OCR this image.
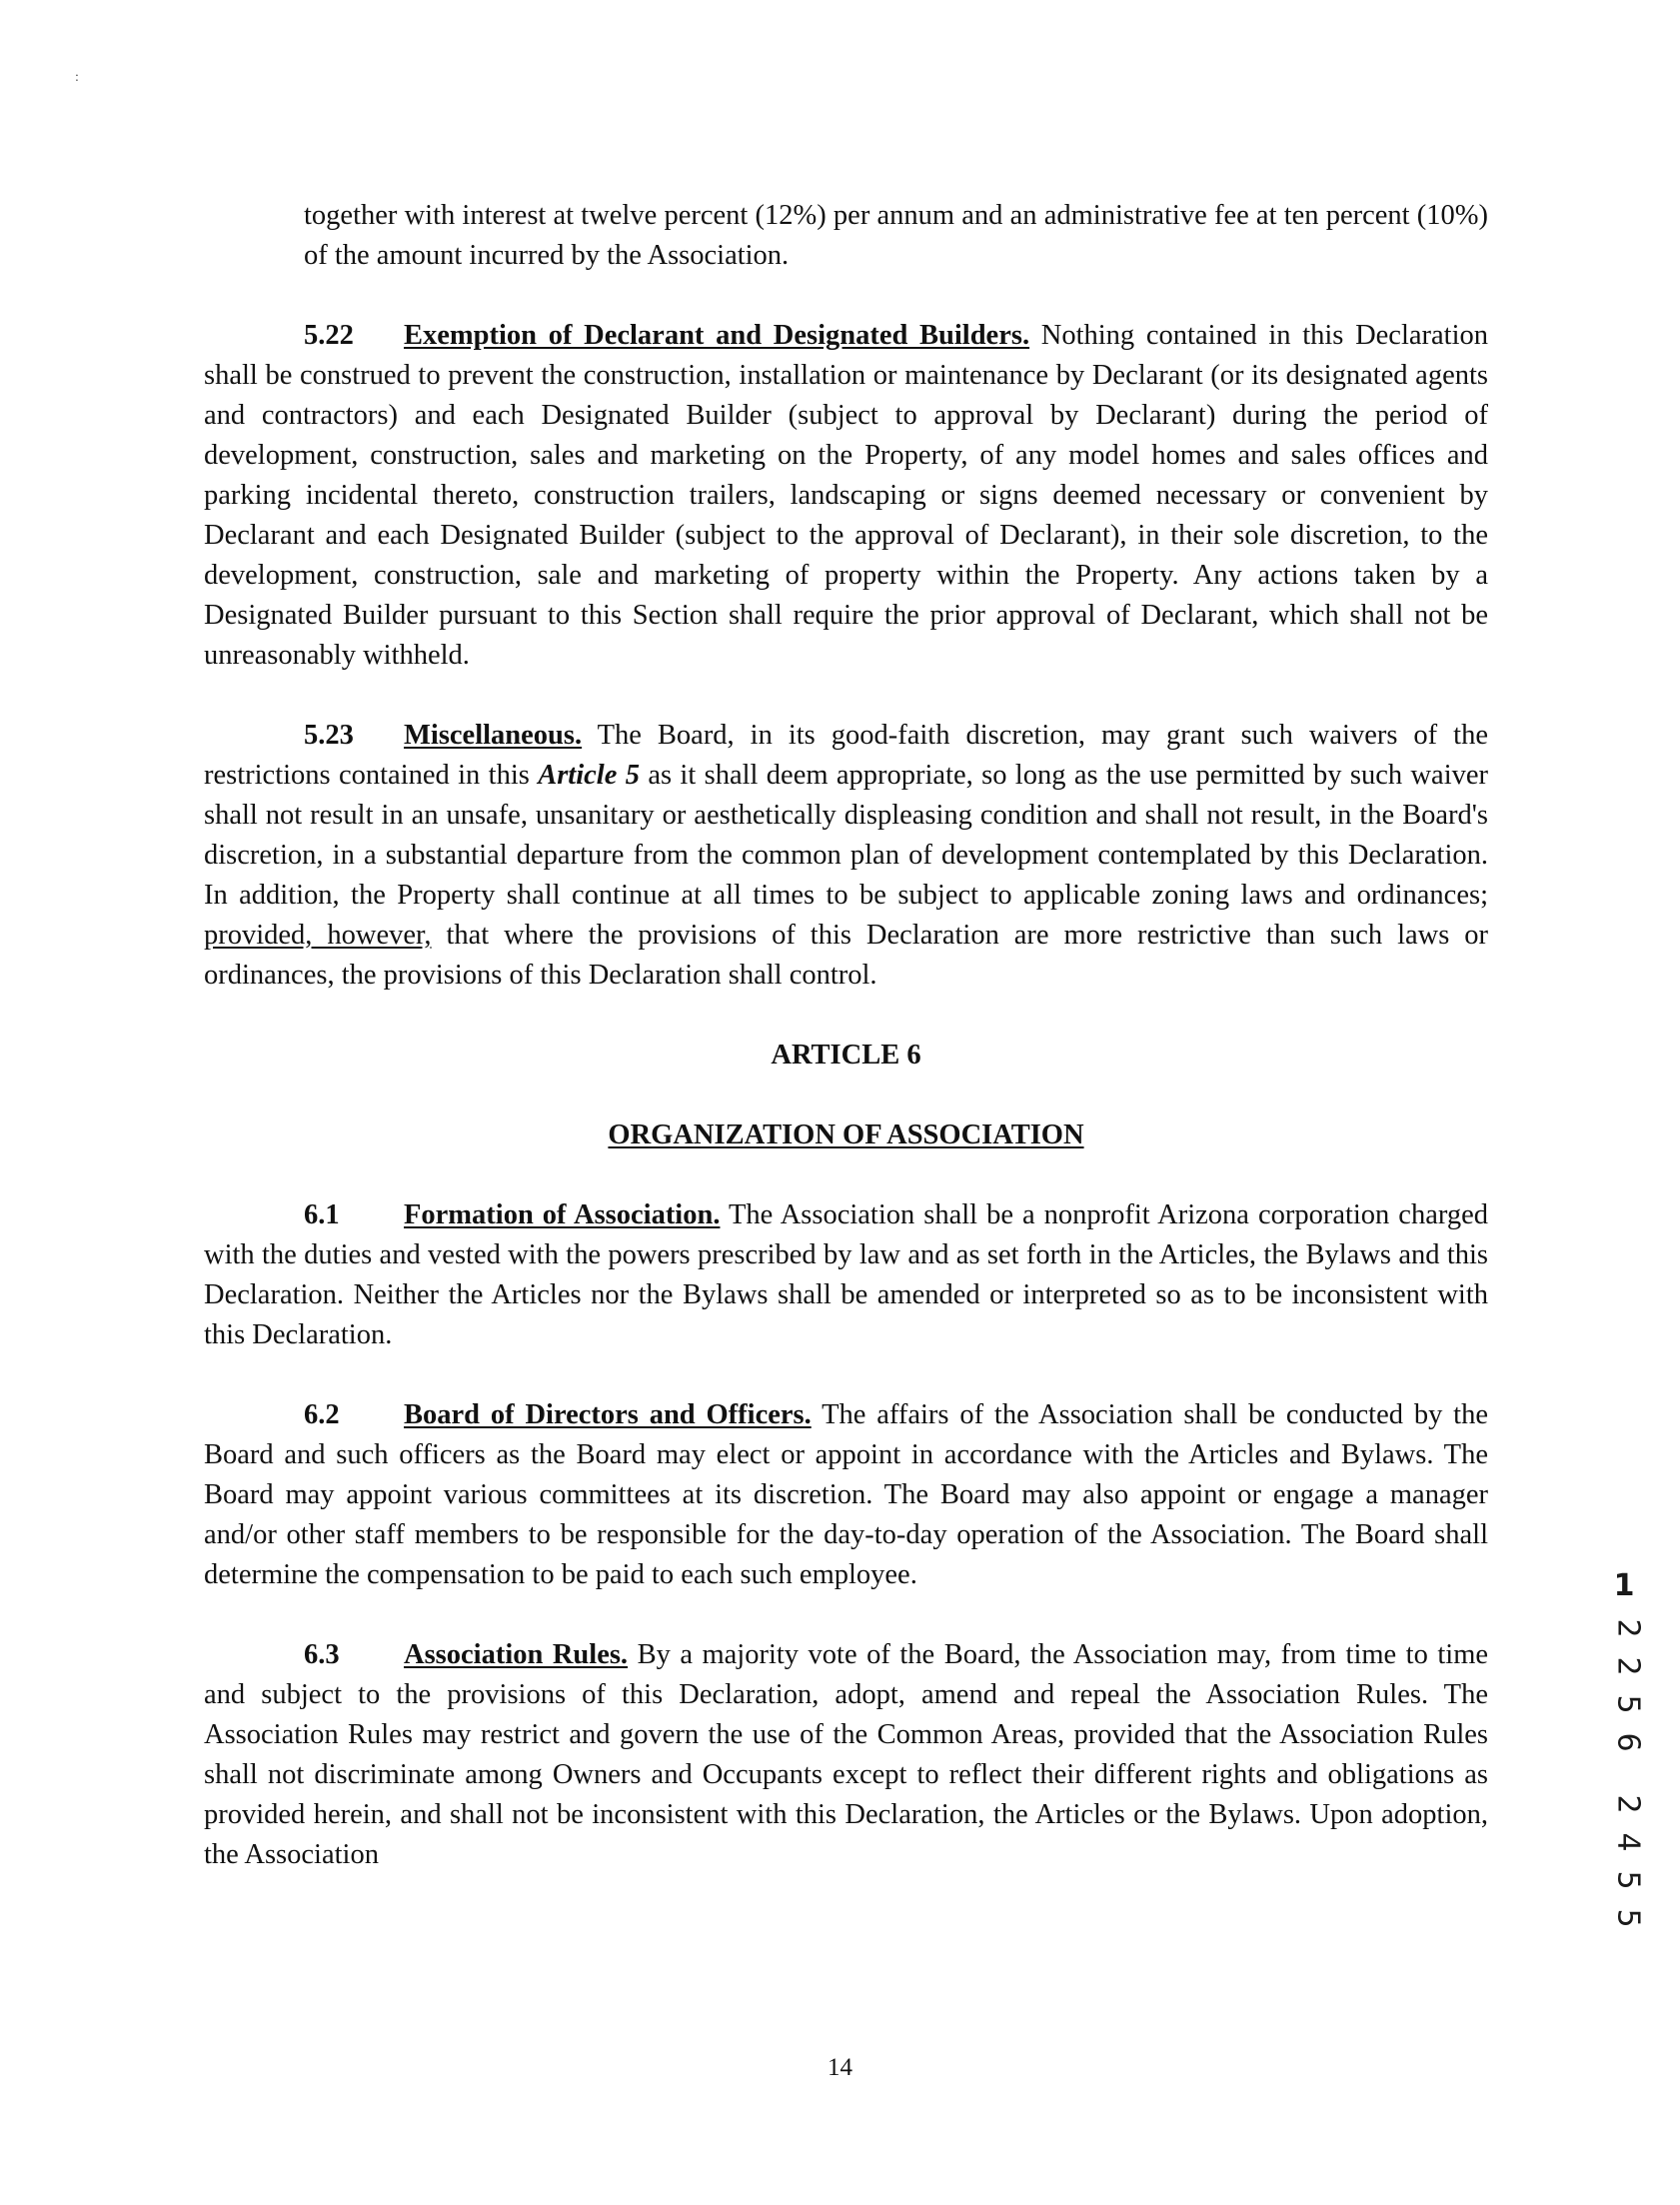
:

together with interest at twelve percent (12%) per annum and an administrative fee at ten percent (10%) of the amount incurred by the Association.

5.22 Exemption of Declarant and Designated Builders. Nothing contained in this Declaration shall be construed to prevent the construction, installation or maintenance by Declarant (or its designated agents and contractors) and each Designated Builder (subject to approval by Declarant) during the period of development, construction, sales and marketing on the Property, of any model homes and sales offices and parking incidental thereto, construction trailers, landscaping or signs deemed necessary or convenient by Declarant and each Designated Builder (subject to the approval of Declarant), in their sole discretion, to the development, construction, sale and marketing of property within the Property. Any actions taken by a Designated Builder pursuant to this Section shall require the prior approval of Declarant, which shall not be unreasonably withheld.

5.23 Miscellaneous. The Board, in its good-faith discretion, may grant such waivers of the restrictions contained in this Article 5 as it shall deem appropriate, so long as the use permitted by such waiver shall not result in an unsafe, unsanitary or aesthetically displeasing condition and shall not result, in the Board's discretion, in a substantial departure from the common plan of development contemplated by this Declaration. In addition, the Property shall continue at all times to be subject to applicable zoning laws and ordinances; provided, however, that where the provisions of this Declaration are more restrictive than such laws or ordinances, the provisions of this Declaration shall control.

ARTICLE 6

ORGANIZATION OF ASSOCIATION

6.1 Formation of Association. The Association shall be a nonprofit Arizona corporation charged with the duties and vested with the powers prescribed by law and as set forth in the Articles, the Bylaws and this Declaration. Neither the Articles nor the Bylaws shall be amended or interpreted so as to be inconsistent with this Declaration.

6.2 Board of Directors and Officers. The affairs of the Association shall be conducted by the Board and such officers as the Board may elect or appoint in accordance with the Articles and Bylaws. The Board may appoint various committees at its discretion. The Board may also appoint or engage a manager and/or other staff members to be responsible for the day-to-day operation of the Association. The Board shall determine the compensation to be paid to each such employee.

6.3 Association Rules. By a majority vote of the Board, the Association may, from time to time and subject to the provisions of this Declaration, adopt, amend and repeal the Association Rules. The Association Rules may restrict and govern the use of the Common Areas, provided that the Association Rules shall not discriminate among Owners and Occupants except to reflect their different rights and obligations as provided herein, and shall not be inconsistent with this Declaration, the Articles or the Bylaws. Upon adoption, the Association

14
1
2
2
5
6
2
4
5
5
